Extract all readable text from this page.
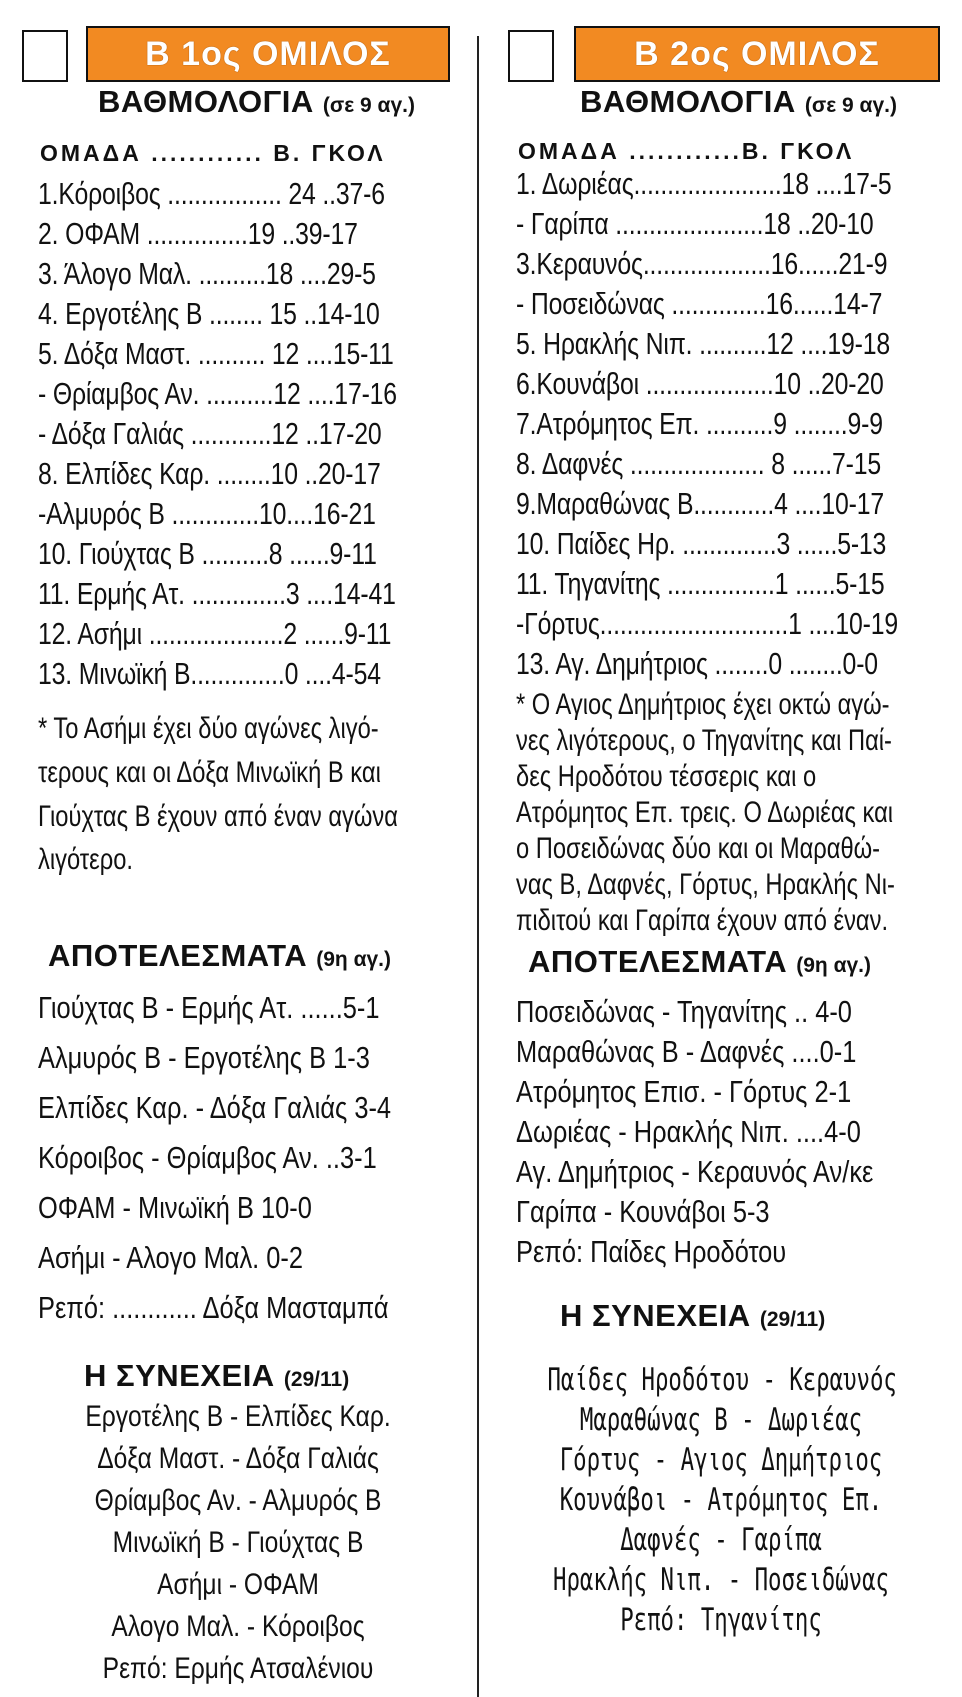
Β 1ος ΟΜΙΛΟΣ
ΒΑΘΜΟΛΟΓΙΑ (σε 9 αγ.)
ΟΜΑΔΑ ............ Β. ΓΚΟΛ
1.Κόροιβος ................. 24 ..37-6
2. ΟΦΑΜ ...............19 ..39-17
3. Άλογο Μαλ. ..........18 ....29-5
4. Εργοτέλης Β ........ 15 ..14-10
5. Δόξα Μαστ. .......... 12 ....15-11
- Θρίαμβος Αν. ..........12 ....17-16
- Δόξα Γαλιάς ............12 ..17-20
8. Ελπίδες Καρ. ........10 ..20-17
-Αλμυρός Β .............10....16-21
10. Γιούχτας Β ..........8 ......9-11
11. Ερμής Ατ. ..............3 ....14-41
12. Ασήμι ....................2 ......9-11
13. Μινωϊκή Β..............0 ....4-54
* Το Ασήμι έχει δύο αγώνες λιγό-
τερους και οι Δόξα Μινωϊκή Β και
Γιούχτας Β έχουν από έναν αγώνα
λιγότερο.
ΑΠΟΤΕΛΕΣΜΑΤΑ (9η αγ.)
Γιούχτας Β - Ερμής Ατ. ......5-1
Αλμυρός Β - Εργοτέλης Β 1-3
Ελπίδες Καρ. - Δόξα Γαλιάς 3-4
Κόροιβος - Θρίαμβος Αν. ..3-1
ΟΦΑΜ - Μινωϊκή Β 10-0
Ασήμι - Αλογο Μαλ. 0-2
Ρεπό: ............ Δόξα Μασταμπά
Η ΣΥΝΕΧΕΙΑ (29/11)
Εργοτέλης Β - Ελπίδες Καρ.
Δόξα Μαστ. - Δόξα Γαλιάς
Θρίαμβος Αν. - Αλμυρός Β
Μινωϊκή Β - Γιούχτας Β
Ασήμι - ΟΦΑΜ
Αλογο Μαλ. - Κόροιβος
Ρεπό: Ερμής Ατσαλένιου
Β 2ος ΟΜΙΛΟΣ
ΒΑΘΜΟΛΟΓΙΑ (σε 9 αγ.)
ΟΜΑΔΑ ............Β. ΓΚΟΛ
1. Δωριέας......................18 ....17-5
- Γαρίπα ......................18 ..20-10
3.Κεραυνός...................16......21-9
- Ποσειδώνας ..............16......14-7
5. Ηρακλής Νιπ. ..........12 ....19-18
6.Κουνάβοι ...................10 ..20-20
7.Ατρόμητος Επ. ..........9 ........9-9
8. Δαφνές .................... 8 ......7-15
9.Μαραθώνας Β............4 ....10-17
10. Παίδες Ηρ. ..............3 ......5-13
11. Τηγανίτης ................1 ......5-15
-Γόρτυς............................1 ....10-19
13. Αγ. Δημήτριος ........0 ........0-0
* Ο Αγιος Δημήτριος έχει οκτώ αγώ-
νες λιγότερους, ο Τηγανίτης και Παί-
δες Ηροδότου τέσσερις και ο
Ατρόμητος Επ. τρεις. Ο Δωριέας και
ο Ποσειδώνας δύο και οι Μαραθώ-
νας Β, Δαφνές, Γόρτυς, Ηρακλής Νι-
πιδιτού και Γαρίπα έχουν από έναν.
ΑΠΟΤΕΛΕΣΜΑΤΑ (9η αγ.)
Ποσειδώνας - Τηγανίτης .. 4-0
Μαραθώνας Β - Δαφνές ....0-1
Ατρόμητος Επισ. - Γόρτυς 2-1
Δωριέας - Ηρακλής Νιπ. ....4-0
Αγ. Δημήτριος - Κεραυνός Αν/κε
Γαρίπα - Κουνάβοι 5-3
Ρεπό: Παίδες Ηροδότου
Η ΣΥΝΕΧΕΙΑ (29/11)
Παίδες Ηροδότου - Κεραυνός
Μαραθώνας Β - Δωριέας
Γόρτυς - Αγιος Δημήτριος
Κουνάβοι - Ατρόμητος Επ.
Δαφνές - Γαρίπα
Ηρακλής Νιπ. - Ποσειδώνας
Ρεπό: Τηγανίτης
